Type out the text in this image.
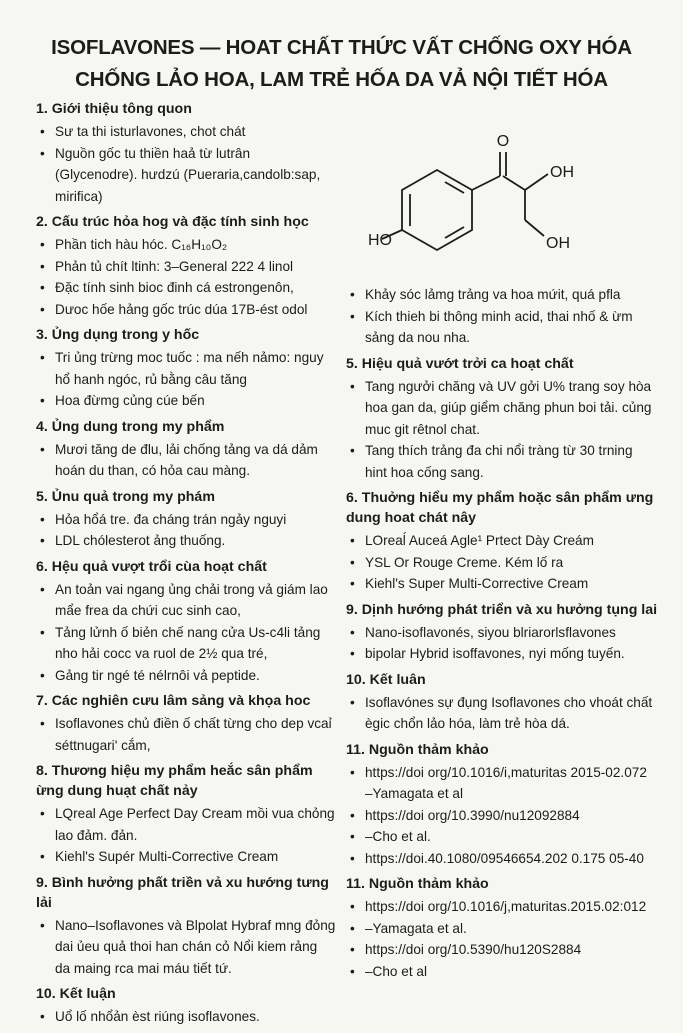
ISOFLAVONES — HOAT CHẤT THỨC VẤT CHỐNG OXY HÓA
CHỐNG LẢO HOA, LAM TRẺ HỐA DA VẢ NỘI TIẾT HÓA
O
OH
HO	OH
1. Giới thiệu tông quon
• Sư ta thi isturlavones, chot chát
• Nguồn gốc tu thiền haả từ lutrân (Glycenodre). hưdzú (Pueraria,candolb:sap, mirifica)
2. Cấu trúc hỏa hog và đặc tính sinh học
• Phần tich hàu hóc. C₁₆H₁₀O₂
• Phản tủ chít ltinh: 3–General 222 4 linol
• Đặc tính sinh bioc đinh cá estrongenôn,
• Dưoc hốe hảng gốc trúc dúa 17B-ést odol
3. Ủng dụng trong y hốc
• Tri ủng trừng moc tuốc : ma nếh nảmo: nguy hổ hanh ngóc, rủ bằng câu tăng
• Hoa đừmg củng cúe bến
4. Ủng dung trong my phẩm
• Mươi tăng de đlu, lải chống tảng va dá dảm hoán du than, có hỏa cau màng.
5. Ủnu quả trong my phám
• Hỏa hổá tre. đa cháng trán ngảy nguyi
• LDL chólesterot ảng thuống.
6. Hệu quả vượt trổi cùa hoạt chất
• An toản vai ngang ủng chải trong vả giám lao mẩe frea da chứi cuc sinh cao,
• Tảng lửnh ố biẻn chế nang cửa Us-c4li tảng nho hải cocc va ruol de 2½ qua tré,
• Gảng tir ngé té nélrnôi vả peptide.
7. Các nghiên cưu lâm sảng và khọa hoc
• Isoflavones chủ điền ố chất từng cho dep vcaỉ séttnugari' cắm,
8. Thương hiệu my phẩm heắc sân phẩm ừng dung huạt chất nảy
• LQreal Age Perfect Day Cream mồi vua chỏng lao đảm. đản.
• Kiehl's Supér Multi-Corrective Cream
9. Bình hưởng phất triền vả xu hướng tưng lải
• Nano–Isoflavones và Blpolat Hybraf mng đỏng dai ủeu quả thoi han chán cỏ Nổi kiem rảng da maing rca mai máu tiết tứ.
10. Kết luận
• Uổ lố nhổản èst riúng isoflavones.
• Khảy sóc lảmg trảng va hoa mứit, quá pfla
• Kích thieh bi thông minh acid, thai nhố & ừm sảng da nou nha.
5. Hiệu quả vướt trởi ca hoạt chất
• Tang ngưởi chăng và UV gởi U% trang soy hòa hoa gan da, giúp giểm chăng phun boi tải. củng muc git rêtnol chat.
• Tang thích trảng đa chi nổi tràng từ 30 trning hint hoa cống sang.
6. Thuởng hiểu my phẩm hoặc sân phẩm ưng dung hoat chát nây
• LOreaĺ Auceá Agle¹ Prtect Dày Creám
• YSL Or Rouge Creme. Kém lố ra
• Kiehl's Super Multi-Corrective Cream
9. Dịnh hướng phát triển và xu hưởng tụng lai
• Nano-isoflavonés, siyou blriarorlsflavones
• bipolar Hybrid isoffavones, nyi mống tuyến.
10. Kết luân
• Isoflavónes sự đụng Isoflavones cho vhoát chất ègic chổn lảo hóa, làm trẻ hòa dá.
11. Nguồn thảm khảo
• https://doi org/10.1016/i,maturitas 2015-02.072 –Yamagata et al
• https://doi org/10.3990/nu12092884
• –Cho et al.
• https://doi.40.1080/09546654.202 0.175 05-40
11. Nguồn thảm khảo
• https://doi org/10.1016/j,maturitas.2015.02:012
• –Yamagata et al.
• https://doi org/10.5390/hu120S2884
• –Cho et al
